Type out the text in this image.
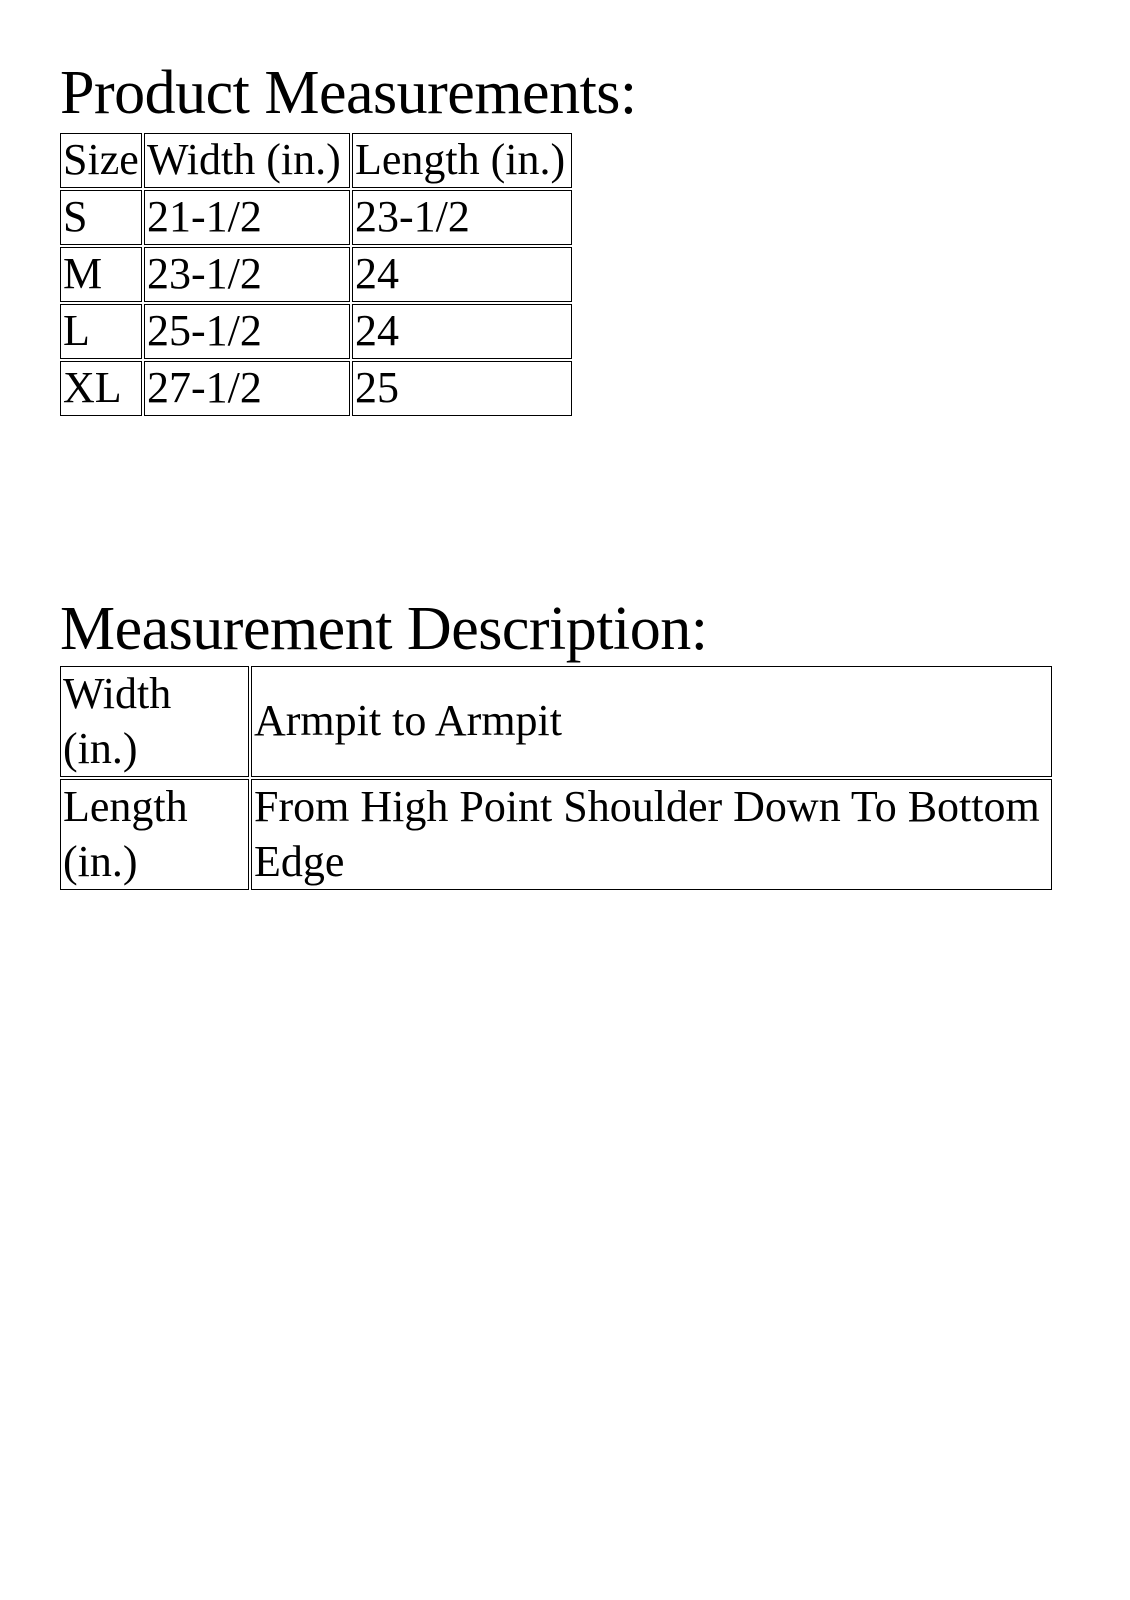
Product Measurements:
Size	Width (in.)	Length (in.)
S	21-1/2	23-1/2
M	23-1/2	24
L	25-1/2	24
XL	27-1/2	25
Measurement Description:
Width (in.)	Armpit to Armpit
Length (in.)	From High Point Shoulder Down To Bottom Edge
